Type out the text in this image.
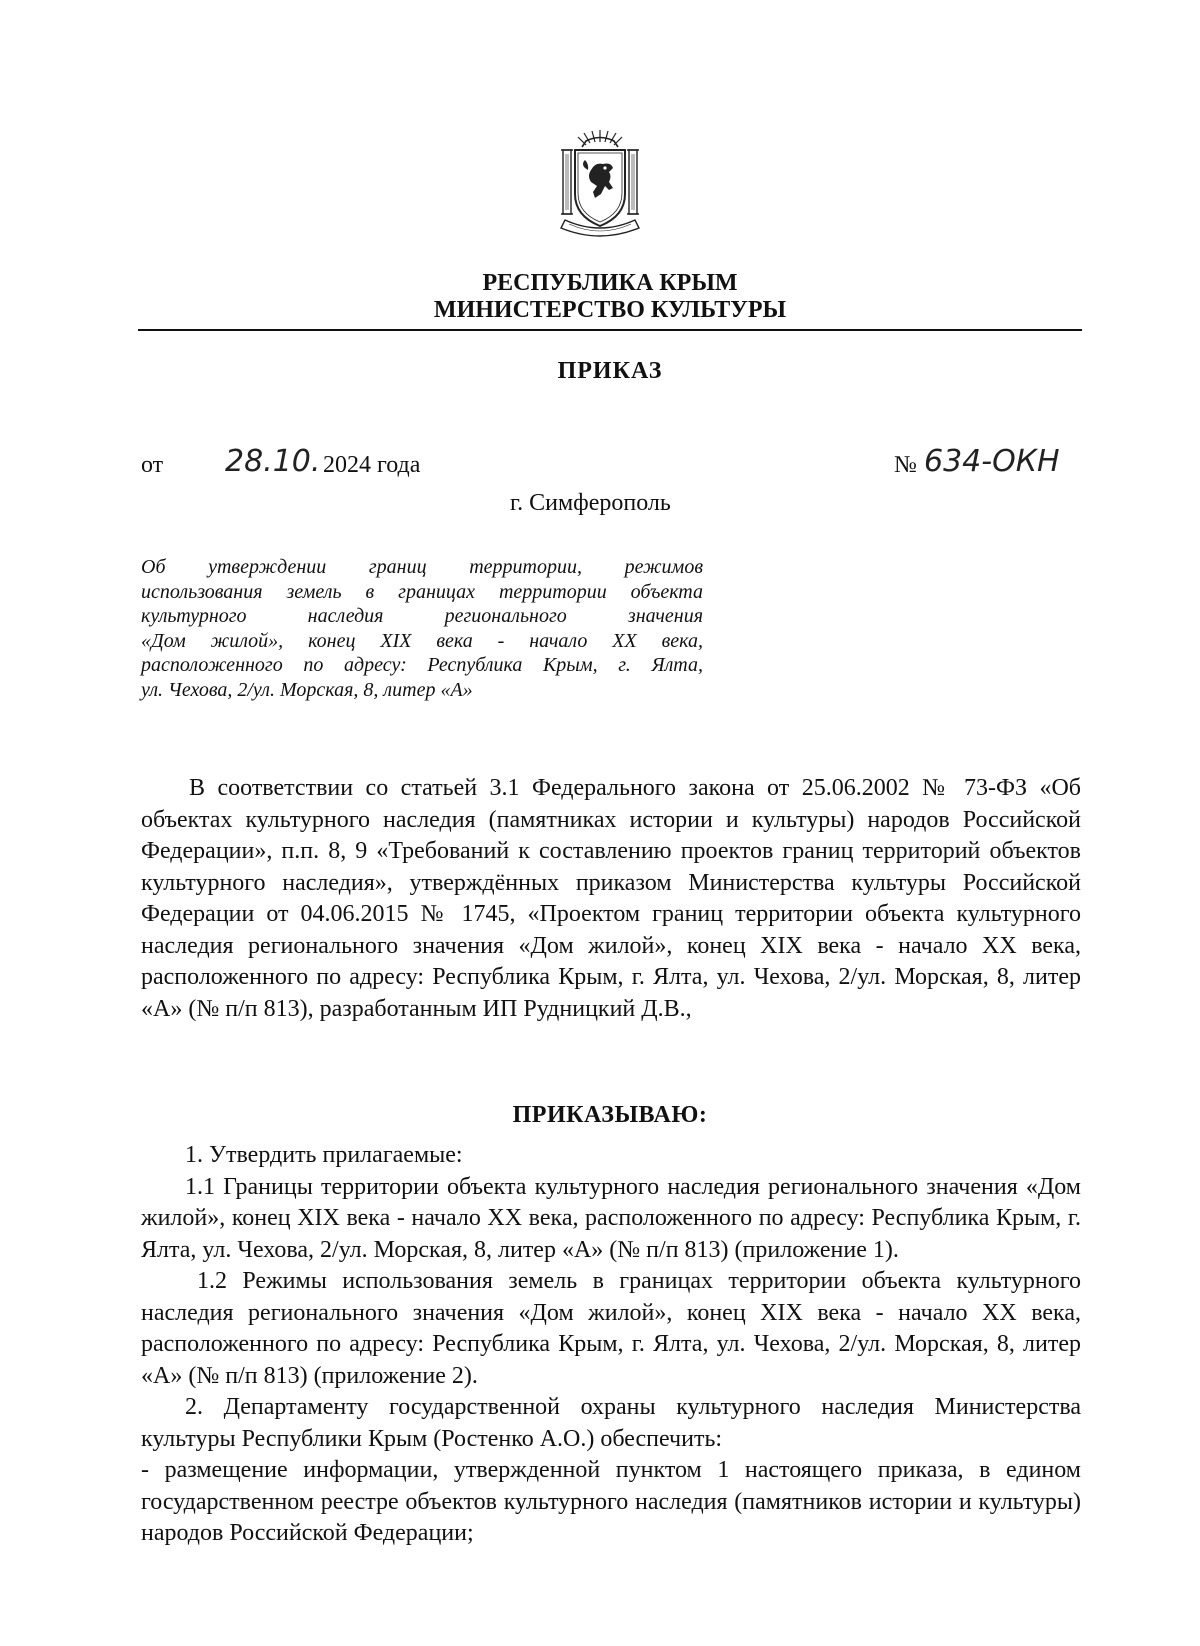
РЕСПУБЛИКА КРЫМ
МИНИСТЕРСТВО КУЛЬТУРЫ
ПРИКАЗ
от 28.10. 2024 года	№ 634-ОКН
г. Симферополь
Об утверждении границ территории, режимов
использования земель в границах территории объекта
культурного наследия регионального значения
«Дом жилой», конец XIX века - начало XX века,
расположенного по адресу: Республика Крым, г. Ялта,
ул. Чехова, 2/ул. Морская, 8, литер «А»
В соответствии со статьей 3.1 Федерального закона от 25.06.2002 № 73-ФЗ «Об объектах культурного наследия (памятниках истории и культуры) народов Российской Федерации», п.п. 8, 9 «Требований к составлению проектов границ территорий объектов культурного наследия», утверждённых приказом Министерства культуры Российской Федерации от 04.06.2015 № 1745, «Проектом границ территории объекта культурного наследия регионального значения «Дом жилой», конец XIX века - начало XX века, расположенного по адресу: Республика Крым, г. Ялта, ул. Чехова, 2/ул. Морская, 8, литер «А» (№ п/п 813), разработанным ИП Рудницкий Д.В.,
ПРИКАЗЫВАЮ:

1. Утвердить прилагаемые:

1.1 Границы территории объекта культурного наследия регионального значения «Дом жилой», конец XIX века - начало XX века, расположенного по адресу: Республика Крым, г. Ялта, ул. Чехова, 2/ул. Морская, 8, литер «А» (№ п/п 813) (приложение 1).

1.2 Режимы использования земель в границах территории объекта культурного наследия регионального значения «Дом жилой», конец XIX века - начало XX века, расположенного по адресу: Республика Крым, г. Ялта, ул. Чехова, 2/ул. Морская, 8, литер «А» (№ п/п 813) (приложение 2).

2. Департаменту государственной охраны культурного наследия Министерства культуры Республики Крым (Ростенко А.О.) обеспечить:

- размещение информации, утвержденной пунктом 1 настоящего приказа, в едином государственном реестре объектов культурного наследия (памятников истории и культуры) народов Российской Федерации;
